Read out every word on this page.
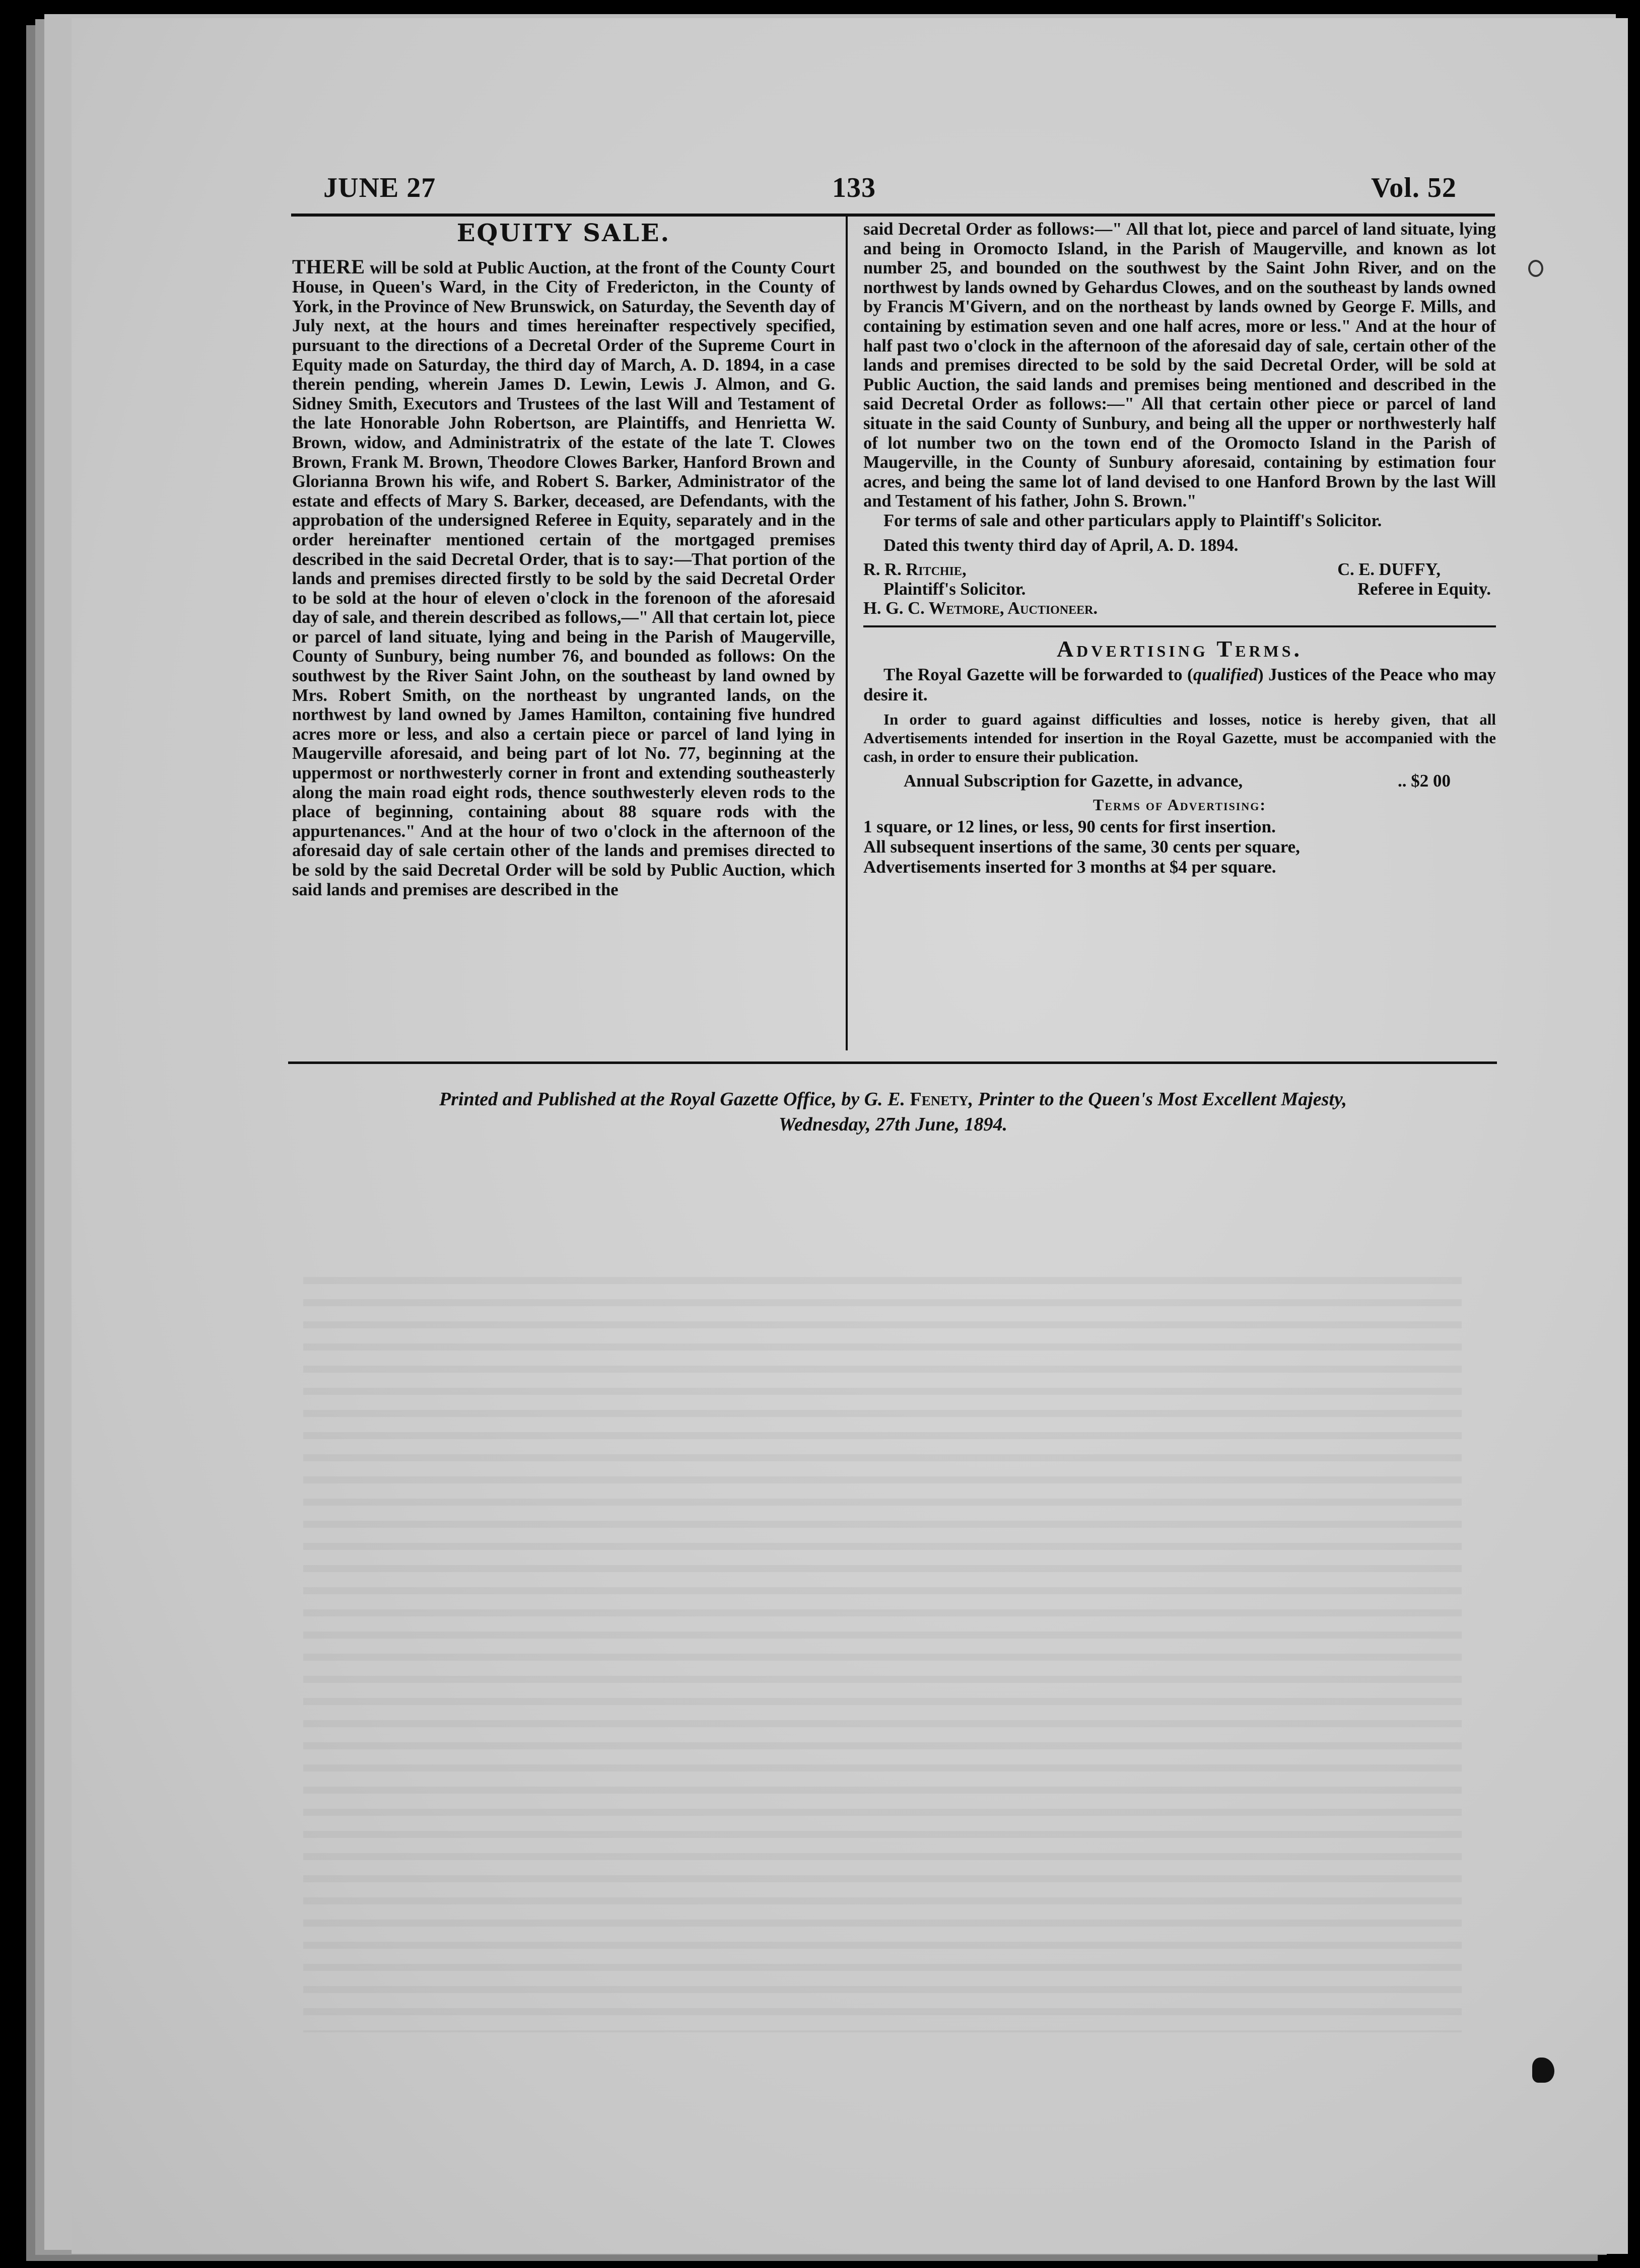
JUNE 27	133	Vol. 52
EQUITY SALE.

THERE will be sold at Public Auction, at the front of the County Court House, in Queen's Ward, in the City of Fredericton, in the County of York, in the Province of New Brunswick, on Saturday, the Seventh day of July next, at the hours and times hereinafter respectively specified, pursuant to the directions of a Decretal Order of the Supreme Court in Equity made on Saturday, the third day of March, A. D. 1894, in a case therein pending, wherein James D. Lewin, Lewis J. Almon, and G. Sidney Smith, Executors and Trustees of the last Will and Testament of the late Honorable John Robertson, are Plaintiffs, and Henrietta W. Brown, widow, and Administratrix of the estate of the late T. Clowes Brown, Frank M. Brown, Theodore Clowes Barker, Hanford Brown and Glorianna Brown his wife, and Robert S. Barker, Administrator of the estate and effects of Mary S. Barker, deceased, are Defendants, with the approbation of the undersigned Referee in Equity, separately and in the order hereinafter mentioned certain of the mortgaged premises described in the said Decretal Order, that is to say:—That portion of the lands and premises directed firstly to be sold by the said Decretal Order to be sold at the hour of eleven o'clock in the forenoon of the aforesaid day of sale, and therein described as follows,—" All that certain lot, piece or parcel of land situate, lying and being in the Parish of Maugerville, County of Sunbury, being number 76, and bounded as follows: On the southwest by the River Saint John, on the southeast by land owned by Mrs. Robert Smith, on the northeast by ungranted lands, on the northwest by land owned by James Hamilton, containing five hundred acres more or less, and also a certain piece or parcel of land lying in Maugerville aforesaid, and being part of lot No. 77, beginning at the uppermost or northwesterly corner in front and extending southeasterly along the main road eight rods, thence southwesterly eleven rods to the place of beginning, containing about 88 square rods with the appurtenances." And at the hour of two o'clock in the afternoon of the aforesaid day of sale certain other of the lands and premises directed to be sold by the said Decretal Order will be sold by Public Auction, which said lands and premises are described in the

said Decretal Order as follows:—" All that lot, piece and parcel of land situate, lying and being in Oromocto Island, in the Parish of Maugerville, and known as lot number 25, and bounded on the southwest by the Saint John River, and on the northwest by lands owned by Gehardus Clowes, and on the southeast by lands owned by Francis M'Givern, and on the northeast by lands owned by George F. Mills, and containing by estimation seven and one half acres, more or less." And at the hour of half past two o'clock in the afternoon of the aforesaid day of sale, certain other of the lands and premises directed to be sold by the said Decretal Order, will be sold at Public Auction, the said lands and premises being mentioned and described in the said Decretal Order as follows:—" All that certain other piece or parcel of land situate in the said County of Sunbury, and being all the upper or northwesterly half of lot number two on the town end of the Oromocto Island in the Parish of Maugerville, in the County of Sunbury aforesaid, containing by estimation four acres, and being the same lot of land devised to one Hanford Brown by the last Will and Testament of his father, John S. Brown."

For terms of sale and other particulars apply to Plaintiff's Solicitor.

Dated this twenty third day of April, A. D. 1894.

R. R. Ritchie,
Plaintiff's Solicitor.
C. E. DUFFY,
Referee in Equity.

H. G. C. Wetmore, Auctioneer.

Advertising Terms.

The Royal Gazette will be forwarded to (qualified) Justices of the Peace who may desire it.

In order to guard against difficulties and losses, notice is hereby given, that all Advertisements intended for insertion in the Royal Gazette, must be accompanied with the cash, in order to ensure their publication.

Annual Subscription for Gazette, in advance,	.. $2 00
Terms of Advertising:

1 square, or 12 lines, or less, 90 cents for first insertion.

All subsequent insertions of the same, 30 cents per square,

Advertisements inserted for 3 months at $4 per square.

Printed and Published at the Royal Gazette Office, by G. E. Fenety, Printer to the Queen's Most Excellent Majesty,
Wednesday, 27th June, 1894.
